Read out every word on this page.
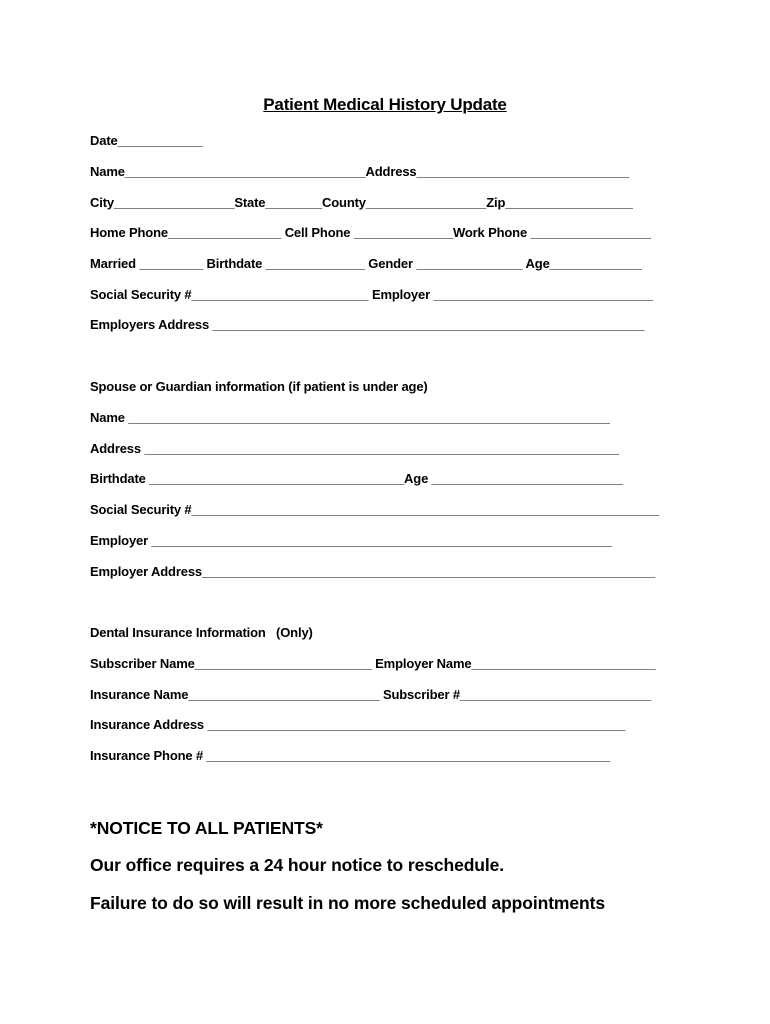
Patient Medical History Update
Date____________
Name__________________________________Address______________________________
City_________________State________County_________________Zip__________________
Home Phone________________ Cell Phone ______________Work Phone _________________
Married _________ Birthdate ______________ Gender _______________ Age_____________
Social Security #_________________________ Employer _______________________________
Employers Address _____________________________________________________________
Spouse or Guardian information (if patient is under age)
Name ____________________________________________________________________
Address ___________________________________________________________________
Birthdate ____________________________________Age ___________________________
Social Security #__________________________________________________________________
Employer _________________________________________________________________
Employer Address________________________________________________________________
Dental Insurance Information   (Only)
Subscriber Name_________________________ Employer Name__________________________
Insurance Name___________________________ Subscriber #___________________________
Insurance Address ___________________________________________________________
Insurance Phone # _________________________________________________________
*NOTICE TO ALL PATIENTS*
Our office requires a 24 hour notice to reschedule.
Failure to do so will result in no more scheduled appointments
